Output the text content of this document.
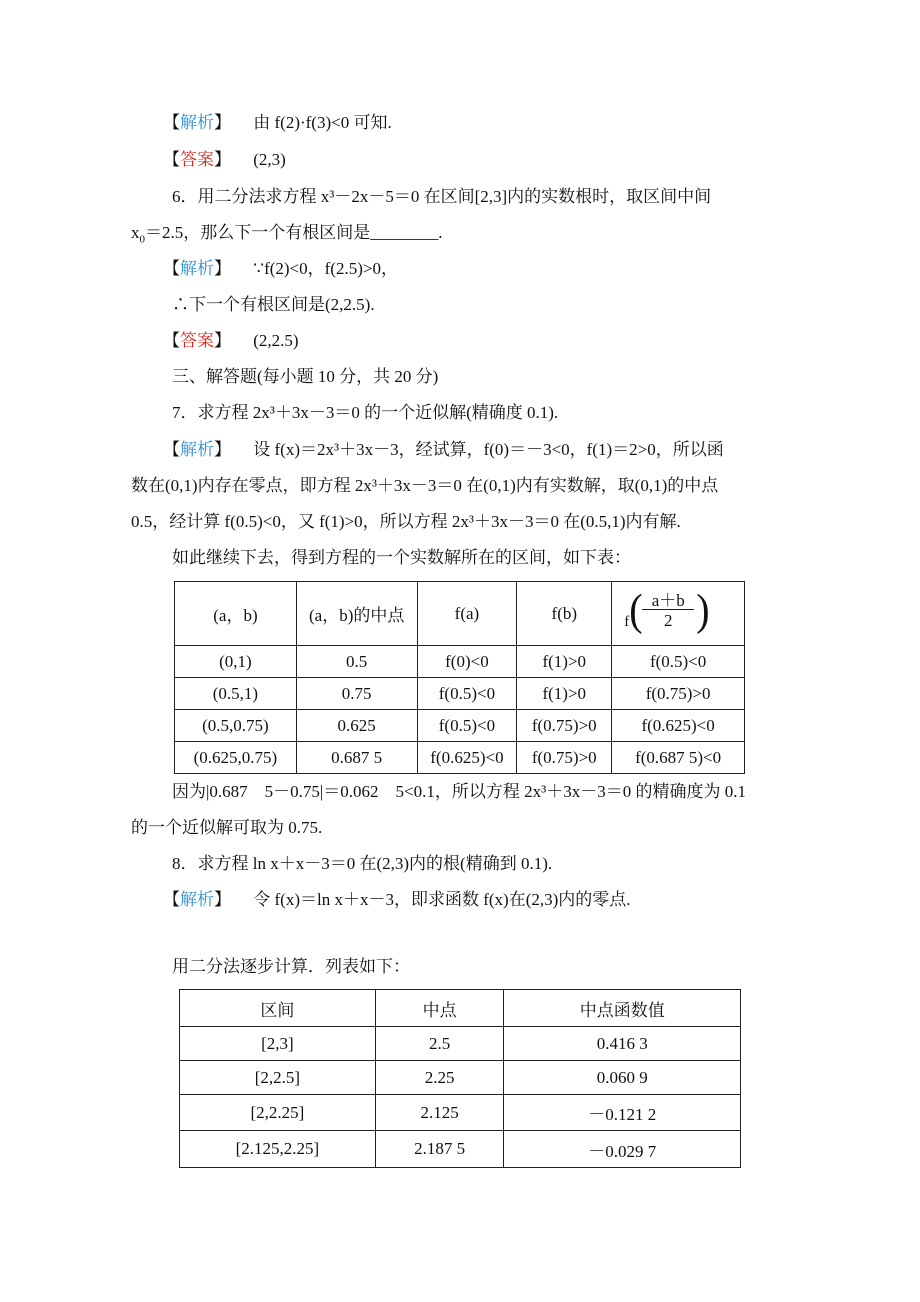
【解析】 由 f(2)·f(3)<0 可知.
【答案】 (2,3)
6．用二分法求方程 x³－2x－5＝0 在区间[2,3]内的实数根时，取区间中间
$x_0=2.5$，那么下一个有根区间是________.
【解析】 ∵f(2)<0，f(2.5)>0，
∴下一个有根区间是(2,2.5).
【答案】 (2,2.5)
三、解答题(每小题 10 分，共 20 分)
7．求方程 2x³＋3x－3＝0 的一个近似解(精确度 0.1).
【解析】 设 f(x)＝2x³＋3x－3，经试算，f(0)＝－3<0，f(1)＝2>0，所以函
数在(0,1)内存在零点，即方程 2x³＋3x－3＝0 在(0,1)内有实数解，取(0,1)的中点
0.5，经计算 f(0.5)<0，又 f(1)>0，所以方程 2x³＋3x－3＝0 在(0.5,1)内有解.
如此继续下去，得到方程的一个实数解所在的区间，如下表：
(a，b)	(a，b)的中点	f(a)	f(b)	f ( a＋b
2 )

(0,1)	0.5	f(0)<0	f(1)>0	f(0.5)<0
(0.5,1)	0.75	f(0.5)<0	f(1)>0	f(0.75)>0
(0.5,0.75)	0.625	f(0.5)<0	f(0.75)>0	f(0.625)<0
(0.625,0.75)	0.687 5	f(0.625)<0	f(0.75)>0	f(0.687 5)<0
因为|0.687　5－0.75|＝0.062　5<0.1，所以方程 2x³＋3x－3＝0 的精确度为 0.1
的一个近似解可取为 0.75.
8．求方程 ln x＋x－3＝0 在(2,3)内的根(精确到 0.1).
【解析】 令 f(x)＝ln x＋x－3，即求函数 f(x)在(2,3)内的零点.
用二分法逐步计算．列表如下：
区间	中点	中点函数值
[2,3]	2.5	0.416 3
[2,2.5]	2.25	0.060 9
[2,2.25]	2.125	－0.121 2
[2.125,2.25]	2.187 5	－0.029 7
